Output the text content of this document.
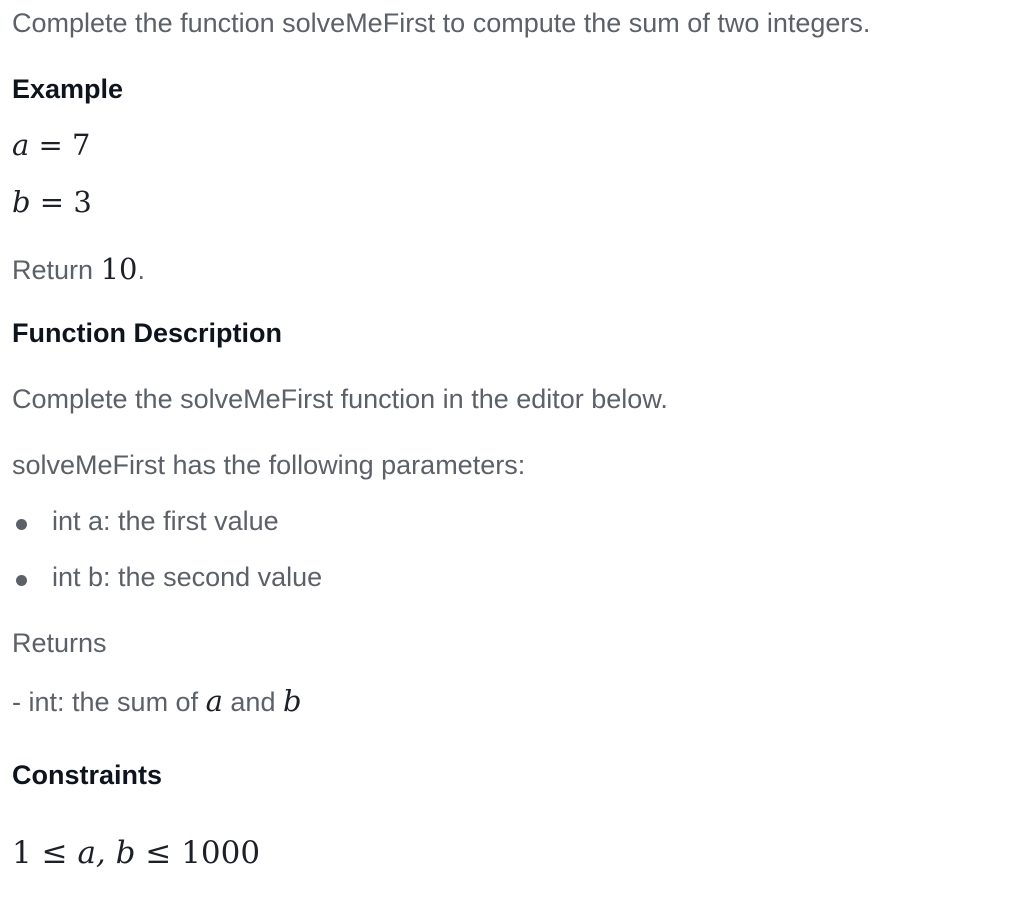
Complete the function solveMeFirst to compute the sum of two integers.
Example
a = 7
b = 3
Return 10.
Function Description
Complete the solveMeFirst function in the editor below.
solveMeFirst has the following parameters:
int a: the first value
int b: the second value
Returns
- int: the sum of a and b
Constraints
1 ≤ a, b ≤ 1000
